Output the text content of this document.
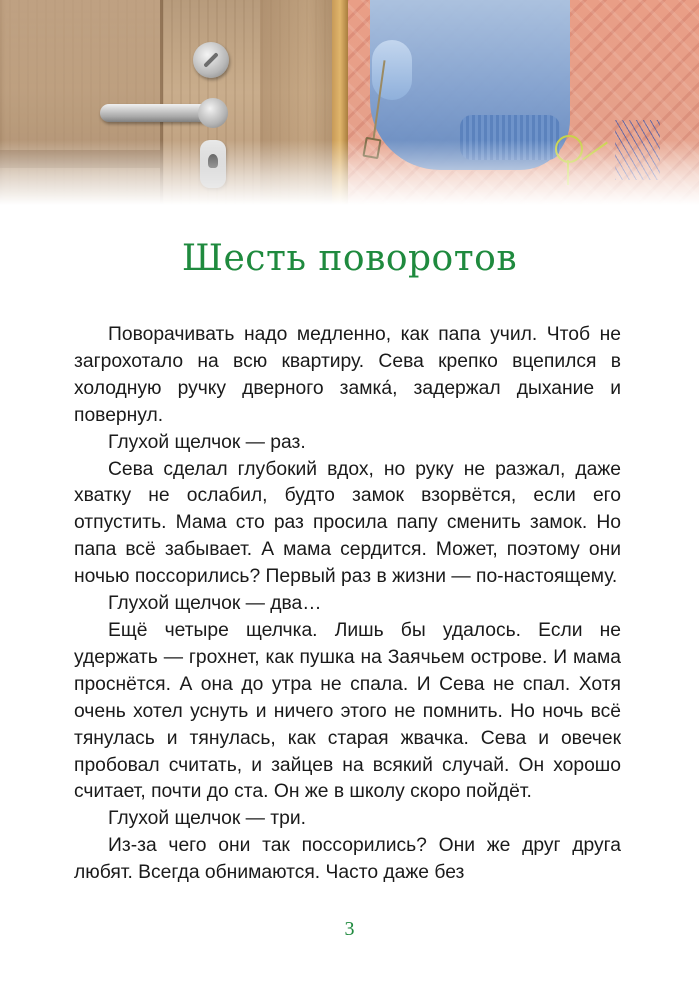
Шесть поворотов

Поворачивать надо медленно, как папа учил. Чтоб не загрохотало на всю квартиру. Сева крепко вцепился в холодную ручку дверного замка́, задержал дыхание и повернул.

Глухой щелчок — раз.

Сева сделал глубокий вдох, но руку не разжал, даже хватку не ослабил, будто замок взорвётся, если его отпустить. Мама сто раз просила папу сменить замок. Но папа всё забывает. А мама сердится. Может, поэтому они ночью поссорились? Первый раз в жизни — по-настоящему.

Глухой щелчок — два…

Ещё четыре щелчка. Лишь бы удалось. Если не удержать — грохнет, как пушка на Заячьем острове. И мама проснётся. А она до утра не спала. И Сева не спал. Хотя очень хотел уснуть и ничего этого не помнить. Но ночь всё тянулась и тянулась, как старая жвачка. Сева и овечек пробовал считать, и зайцев на всякий случай. Он хорошо считает, почти до ста. Он же в школу скоро пойдёт.

Глухой щелчок — три.

Из-за чего они так поссорились? Они же друг друга любят. Всегда обнимаются. Часто даже без

3
